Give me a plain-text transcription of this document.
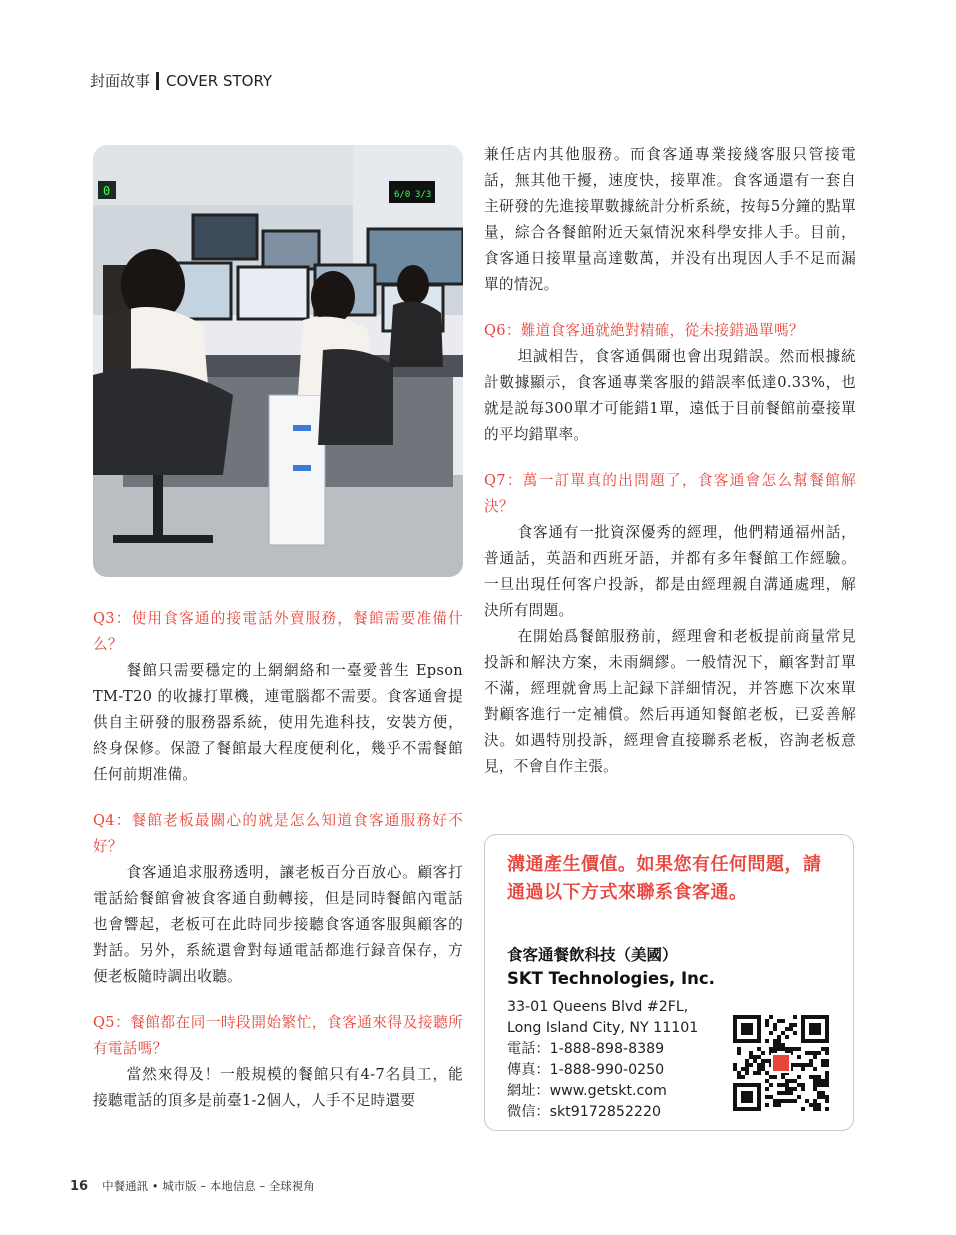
封面故事 COVER STORY
0	6/0 3/3

Q3：使用食客通的接電話外賣服務，餐館需要准備什么？

餐館只需要穩定的上網網絡和一臺愛普生 Epson TM-T20 的收據打單機，連電腦都不需要。食客通會提供自主研發的服務器系統，使用先進科技，安裝方便，終身保修。保證了餐館最大程度便利化，幾乎不需餐館任何前期准備。

Q4：餐館老板最關心的就是怎么知道食客通服務好不好？

食客通追求服務透明，讓老板百分百放心。顧客打電話給餐館會被食客通自動轉接，但是同時餐館內電話也會響起，老板可在此時同步接聽食客通客服與顧客的對話。另外，系統還會對每通電話都進行録音保存，方便老板隨時調出收聽。

Q5：餐館都在同一時段開始繁忙，食客通來得及接聽所有電話嗎？

當然來得及！一般規模的餐館只有4-7名員工，能接聽電話的頂多是前臺1-2個人，人手不足時還要

兼任店内其他服務。而食客通專業接綫客服只管接電話，無其他干擾，速度快，接單准。食客通還有一套自主研發的先進接單數據統計分析系統，按每5分鐘的點單量，綜合各餐館附近天氣情況來科學安排人手。目前，食客通日接單量高達數萬，并没有出現因人手不足而漏單的情況。

Q6：難道食客通就絶對精確，從未接錯過單嗎？

坦誠相告，食客通偶爾也會出現錯誤。然而根據統計數據顯示，食客通專業客服的錯誤率低達0.33%，也就是説每300單才可能錯1單，遠低于目前餐館前臺接單的平均錯單率。

Q7：萬一訂單真的出問題了，食客通會怎么幫餐館解決？

食客通有一批資深優秀的經理，他們精通福州話，普通話，英語和西班牙語，并都有多年餐館工作經驗。一旦出現任何客户投訴，都是由經理親自溝通處理，解決所有問題。

在開始爲餐館服務前，經理會和老板提前商量常見投訴和解決方案，未雨綢繆。一般情況下，顧客對訂單不滿，經理就會馬上記録下詳細情況，并答應下次來單對顧客進行一定補償。然后再通知餐館老板，已妥善解決。如遇特別投訴，經理會直接聯系老板，咨詢老板意見，不會自作主張。

溝通產生價值。如果您有任何問題，請通過以下方式來聯系食客通。
食客通餐飲科技（美國）
SKT Technologies, Inc.
33-01 Queens Blvd #2FL,
Long Island City, NY 11101
電話：1-888-898-8389
傳真：1-888-990-0250
網址：www.getskt.com
微信：skt9172852220
16 中餐通訊 • 城市版 – 本地信息 – 全球視角
